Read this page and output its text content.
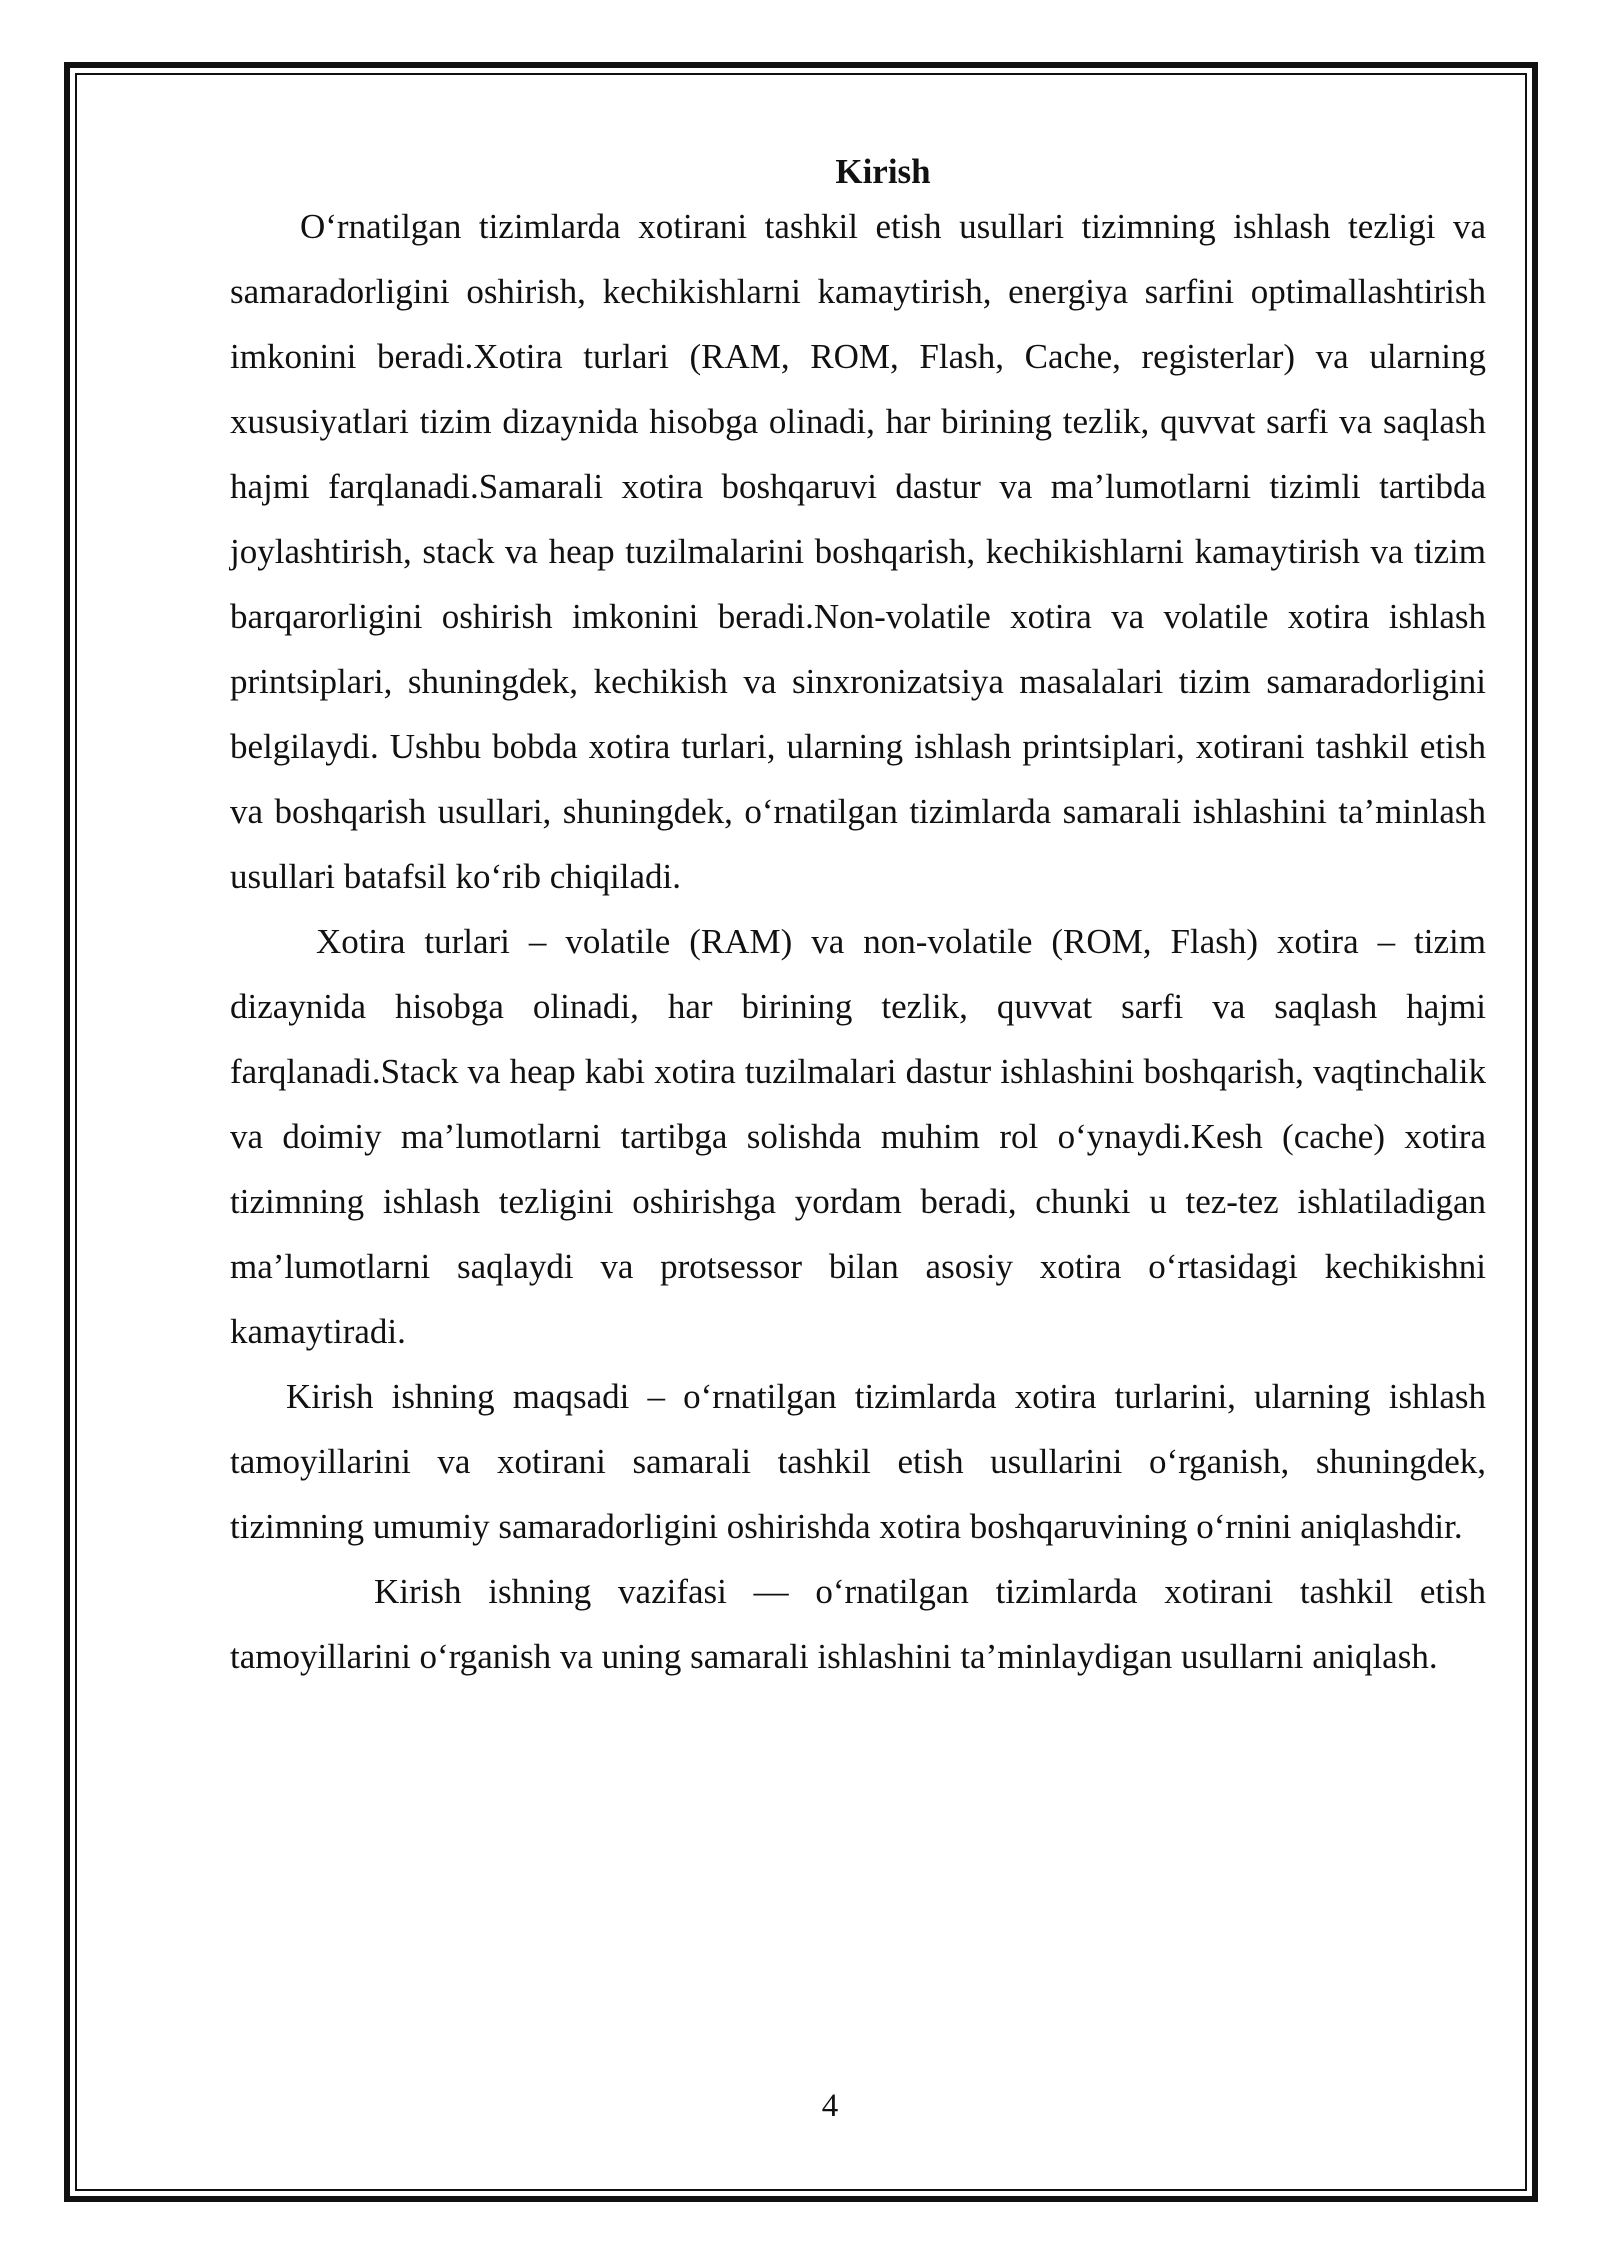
Kirish

O‘rnatilgan tizimlarda xotirani tashkil etish usullari tizimning ishlash tezligi va samaradorligini oshirish, kechikishlarni kamaytirish, energiya sarfini optimallashtirish imkonini beradi.Xotira turlari (RAM, ROM, Flash, Cache, registerlar) va ularning xususiyatlari tizim dizaynida hisobga olinadi, har birining tezlik, quvvat sarfi va saqlash hajmi farqlanadi.Samarali xotira boshqaruvi dastur va ma’lumotlarni tizimli tartibda joylashtirish, stack va heap tuzilmalarini boshqarish, kechikishlarni kamaytirish va tizim barqarorligini oshirish imkonini beradi.Non-volatile xotira va volatile xotira ishlash printsiplari, shuningdek, kechikish va sinxronizatsiya masalalari tizim samaradorligini belgilaydi. Ushbu bobda xotira turlari, ularning ishlash printsiplari, xotirani tashkil etish va boshqarish usullari, shuningdek, o‘rnatilgan tizimlarda samarali ishlashini ta’minlash usullari batafsil ko‘rib chiqiladi.

Xotira turlari – volatile (RAM) va non-volatile (ROM, Flash) xotira – tizim dizaynida hisobga olinadi, har birining tezlik, quvvat sarfi va saqlash hajmi farqlanadi.Stack va heap kabi xotira tuzilmalari dastur ishlashini boshqarish, vaqtinchalik va doimiy ma’lumotlarni tartibga solishda muhim rol o‘ynaydi.Kesh (cache) xotira tizimning ishlash tezligini oshirishga yordam beradi, chunki u tez-tez ishlatiladigan ma’lumotlarni saqlaydi va protsessor bilan asosiy xotira o‘rtasidagi kechikishni kamaytiradi.

Kirish ishning maqsadi – o‘rnatilgan tizimlarda xotira turlarini, ularning ishlash tamoyillarini va xotirani samarali tashkil etish usullarini o‘rganish, shuningdek, tizimning umumiy samaradorligini oshirishda xotira boshqaruvining o‘rnini aniqlashdir.

Kirish ishning vazifasi — o‘rnatilgan tizimlarda xotirani tashkil etish tamoyillarini o‘rganish va uning samarali ishlashini ta’minlaydigan usullarni aniqlash.

4
